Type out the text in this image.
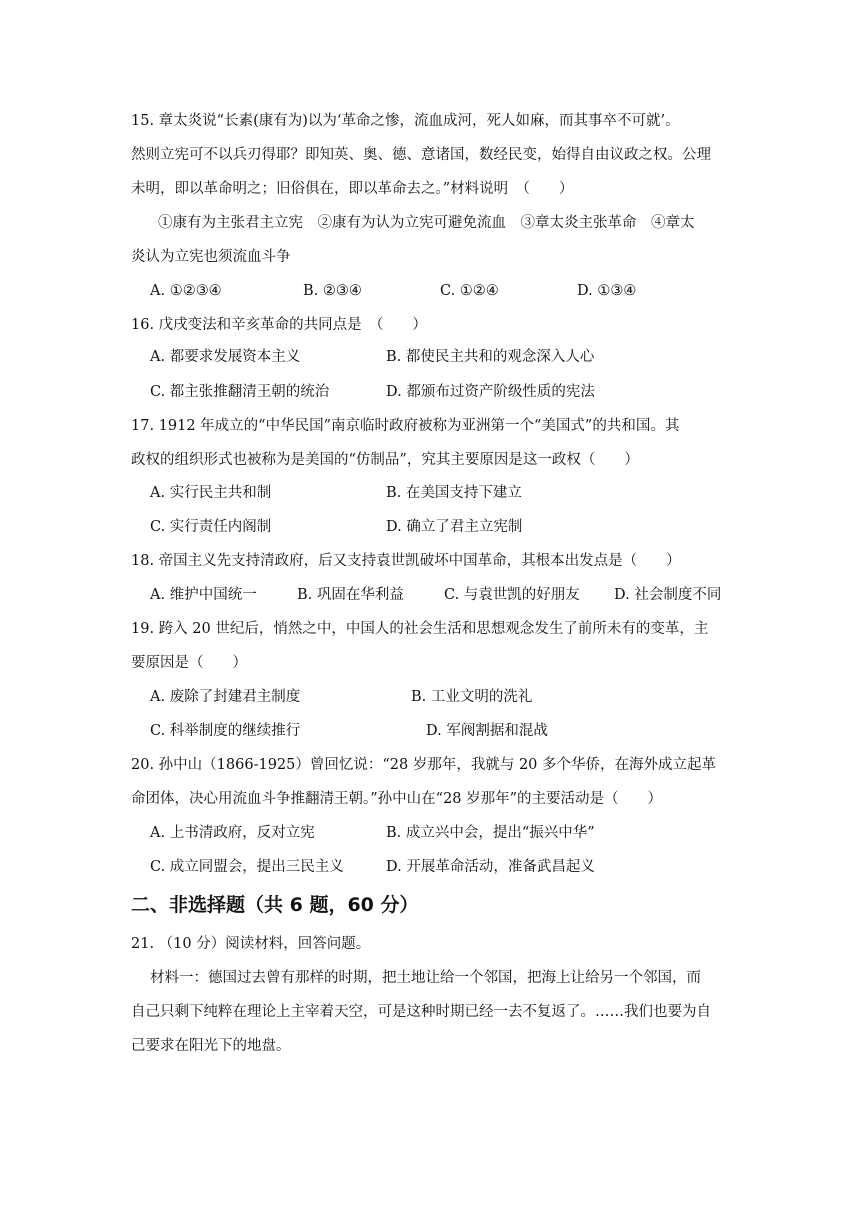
15. 章太炎说“长素(康有为)以为‘革命之惨，流血成河，死人如麻，而其事卒不可就’。
然则立宪可不以兵刃得耶？即知英、奥、德、意诸国，数经民变，始得自由议政之权。公理
未明，即以革命明之；旧俗俱在，即以革命去之。”材料说明　（　　）
①康有为主张君主立宪　②康有为认为立宪可避免流血　③章太炎主张革命　④章太
炎认为立宪也须流血斗争
A. ①②③④	B. ②③④	C. ①②④	D. ①③④
16. 戊戌变法和辛亥革命的共同点是　（　　）
A. 都要求发展资本主义	B. 都使民主共和的观念深入人心
C. 都主张推翻清王朝的统治	D. 都颁布过资产阶级性质的宪法
17. 1912 年成立的“中华民国”南京临时政府被称为亚洲第一个“美国式”的共和国。其
政权的组织形式也被称为是美国的“仿制品”，究其主要原因是这一政权（　　）
A. 实行民主共和制	B. 在美国支持下建立
C. 实行责任内阁制	D. 确立了君主立宪制
18. 帝国主义先支持清政府，后又支持袁世凯破坏中国革命，其根本出发点是（　　）
A. 维护中国统一	B. 巩固在华利益	C. 与袁世凯的好朋友 D. 社会制度不同
19. 跨入 20 世纪后，悄然之中，中国人的社会生活和思想观念发生了前所未有的变革，主
要原因是（　　）
A. 废除了封建君主制度	B. 工业文明的洗礼
C. 科举制度的继续推行	D. 军阀割据和混战
20. 孙中山（1866-1925）曾回忆说：“28 岁那年，我就与 20 多个华侨，在海外成立起革
命团体，决心用流血斗争推翻清王朝。”孙中山在“28 岁那年”的主要活动是（　　）
A. 上书清政府，反对立宪	B. 成立兴中会，提出“振兴中华”
C. 成立同盟会，提出三民主义	D. 开展革命活动，准备武昌起义
二、非选择题（共 6 题，60 分）
21. （10 分）阅读材料，回答问题。
材料一：德国过去曾有那样的时期，把土地让给一个邻国，把海上让给另一个邻国，而
自己只剩下纯粹在理论上主宰着天空，可是这种时期已经一去不复返了。……我们也要为自
己要求在阳光下的地盘。
